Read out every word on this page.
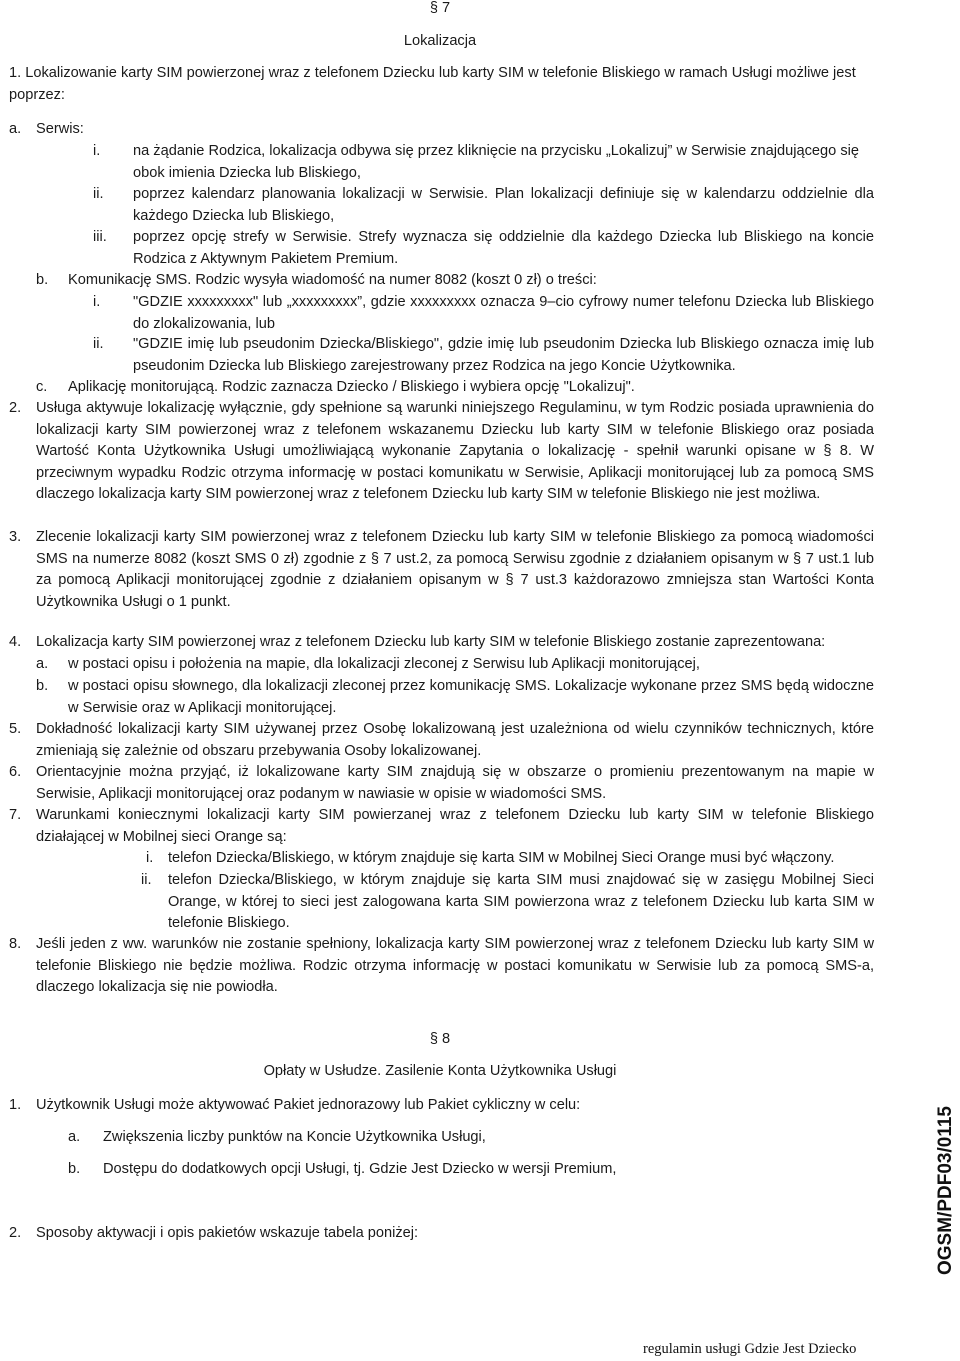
§ 7
Lokalizacja
1. Lokalizowanie karty SIM powierzonej wraz z telefonem Dziecku lub karty SIM w telefonie Bliskiego w ramach Usługi możliwe jest poprzez:
a. Serwis:
i. na żądanie Rodzica, lokalizacja odbywa się przez kliknięcie na przycisku „Lokalizuj” w Serwisie znajdującego się obok imienia Dziecka lub Bliskiego,
ii. poprzez kalendarz planowania lokalizacji w Serwisie. Plan lokalizacji definiuje się w kalendarzu oddzielnie dla każdego Dziecka lub Bliskiego,
iii. poprzez opcję strefy w Serwisie. Strefy wyznacza się oddzielnie dla każdego Dziecka lub Bliskiego na koncie Rodzica z Aktywnym Pakietem Premium.
b. Komunikację SMS. Rodzic wysyła wiadomość na numer 8082 (koszt 0 zł) o treści:
i. "GDZIE xxxxxxxxx" lub „xxxxxxxxx”, gdzie xxxxxxxxx oznacza 9–cio cyfrowy numer telefonu Dziecka lub Bliskiego do zlokalizowania, lub
ii. "GDZIE imię lub pseudonim Dziecka/Bliskiego", gdzie imię lub pseudonim Dziecka lub Bliskiego oznacza imię lub pseudonim Dziecka lub Bliskiego zarejestrowany przez Rodzica na jego Koncie Użytkownika.
c. Aplikację monitorującą. Rodzic zaznacza Dziecko / Bliskiego i wybiera opcję "Lokalizuj".
2. Usługa aktywuje lokalizację wyłącznie, gdy spełnione są warunki niniejszego Regulaminu, w tym Rodzic posiada uprawnienia do lokalizacji karty SIM powierzonej wraz z telefonem wskazanemu Dziecku lub karty SIM w telefonie Bliskiego oraz posiada Wartość Konta Użytkownika Usługi umożliwiającą wykonanie Zapytania o lokalizację - spełnił warunki opisane w § 8. W przeciwnym wypadku Rodzic otrzyma informację w postaci komunikatu w Serwisie, Aplikacji monitorującej lub za pomocą SMS dlaczego lokalizacja karty SIM powierzonej wraz z telefonem Dziecku lub karty SIM w telefonie Bliskiego nie jest możliwa.
3. Zlecenie lokalizacji karty SIM powierzonej wraz z telefonem Dziecku lub karty SIM w telefonie Bliskiego za pomocą wiadomości SMS na numerze 8082 (koszt SMS 0 zł) zgodnie z § 7 ust.2, za pomocą Serwisu zgodnie z działaniem opisanym w § 7 ust.1 lub za pomocą Aplikacji monitorującej zgodnie z działaniem opisanym w § 7 ust.3 każdorazowo zmniejsza stan Wartości Konta Użytkownika Usługi o 1 punkt.
4. Lokalizacja karty SIM powierzonej wraz z telefonem Dziecku lub karty SIM w telefonie Bliskiego zostanie zaprezentowana:
a. w postaci opisu i położenia na mapie, dla lokalizacji zleconej z Serwisu lub Aplikacji monitorującej,
b. w postaci opisu słownego, dla lokalizacji zleconej przez komunikację SMS. Lokalizacje wykonane przez SMS będą widoczne w Serwisie oraz w Aplikacji monitorującej.
5. Dokładność lokalizacji karty SIM używanej przez Osobę lokalizowaną jest uzależniona od wielu czynników technicznych, które zmieniają się zależnie od obszaru przebywania Osoby lokalizowanej.
6. Orientacyjnie można przyjąć, iż lokalizowane karty SIM znajdują się w obszarze o promieniu prezentowanym na mapie w Serwisie, Aplikacji monitorującej oraz podanym w nawiasie w opisie w wiadomości SMS.
7. Warunkami koniecznymi lokalizacji karty SIM powierzanej wraz z telefonem Dziecku lub karty SIM w telefonie Bliskiego działającej w Mobilnej sieci Orange są:
i. telefon Dziecka/Bliskiego, w którym znajduje się karta SIM w Mobilnej Sieci Orange musi być włączony.
ii. telefon Dziecka/Bliskiego, w którym znajduje się karta SIM musi znajdować się w zasięgu Mobilnej Sieci Orange, w której to sieci jest zalogowana karta SIM powierzona wraz z telefonem Dziecku lub karta SIM w telefonie Bliskiego.
8. Jeśli jeden z ww. warunków nie zostanie spełniony, lokalizacja karty SIM powierzonej wraz z telefonem Dziecku lub karty SIM w telefonie Bliskiego nie będzie możliwa. Rodzic otrzyma informację w postaci komunikatu w Serwisie lub za pomocą SMS-a, dlaczego lokalizacja się nie powiodła.
§ 8
Opłaty w Usłudze. Zasilenie Konta Użytkownika Usługi
1. Użytkownik Usługi może aktywować Pakiet jednorazowy lub Pakiet cykliczny w celu:
a. Zwiększenia liczby punktów na Koncie Użytkownika Usługi,
b. Dostępu do dodatkowych opcji Usługi, tj. Gdzie Jest Dziecko w wersji Premium,
2. Sposoby aktywacji i opis pakietów wskazuje tabela poniżej:	OGSM/PDF03/0115
regulamin usługi Gdzie Jest Dziecko
